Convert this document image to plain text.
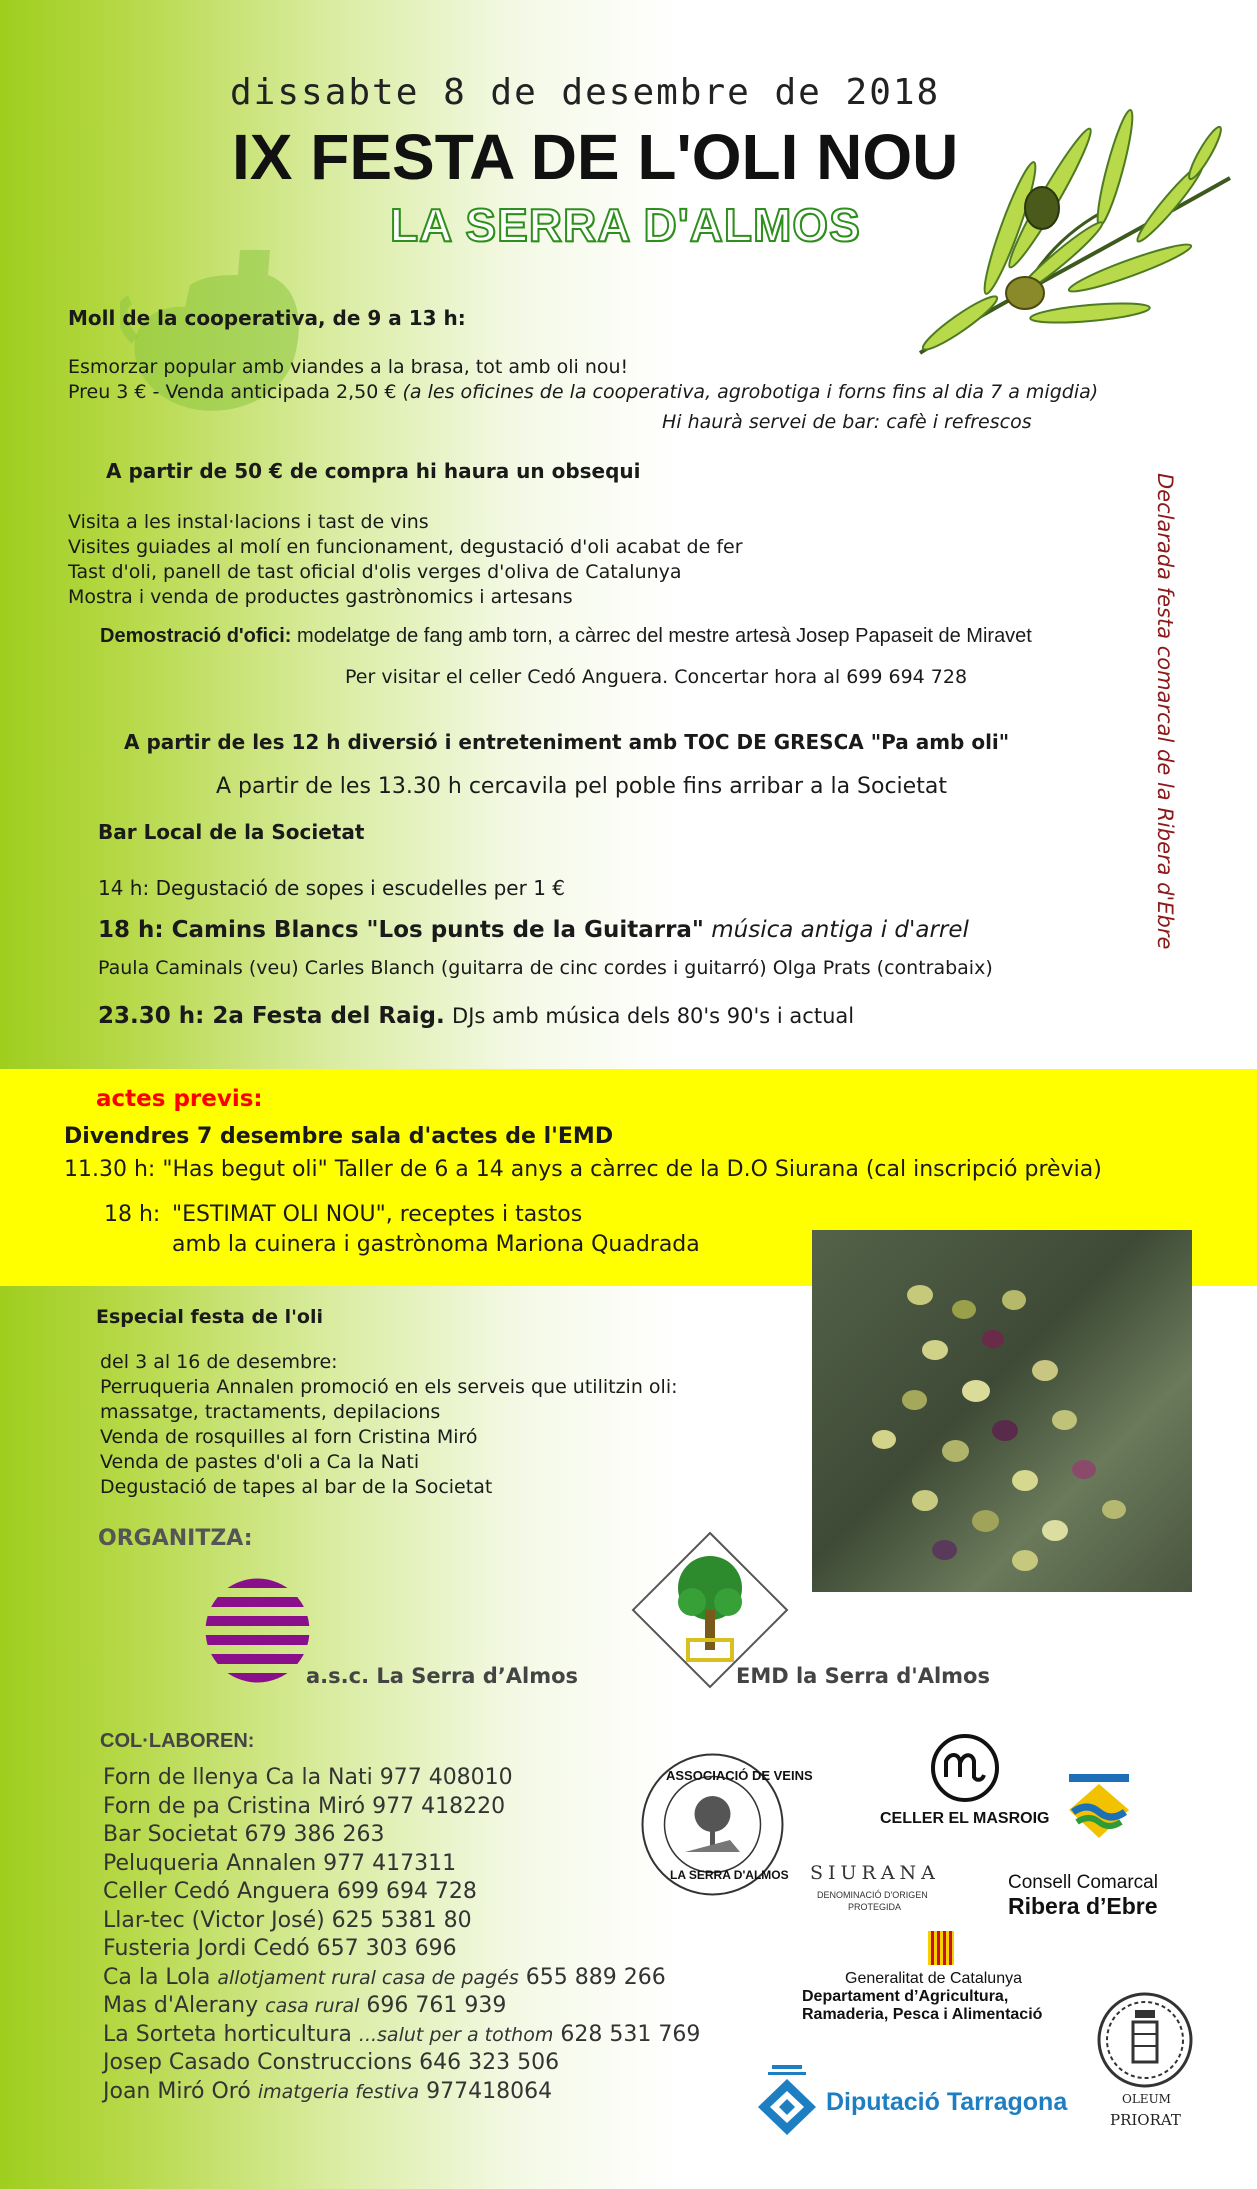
dissabte 8 de desembre de 2018
IX FESTA DE L'OLI NOU
LA SERRA D'ALMOS
Moll de la cooperativa, de 9 a 13 h:
Esmorzar popular amb viandes a la brasa, tot amb oli nou!
Preu 3 € - Venda anticipada 2,50 € (a les oficines de la cooperativa, agrobotiga i forns fins al dia 7 a migdia)
Hi haurà servei de bar: cafè i refrescos
A partir de 50 € de compra hi haura un obsequi
Visita a les instal·lacions i tast de vins
Visites guiades al molí en funcionament, degustació d'oli acabat de fer
Tast d'oli, panell de tast oficial d'olis verges d'oliva de Catalunya
Mostra i venda de productes gastrònomics i artesans
Demostració d'ofici: modelatge de fang amb torn, a càrrec del mestre artesà Josep Papaseit de Miravet
Per visitar el celler Cedó Anguera. Concertar hora al 699 694 728
A partir de les 12 h diversió i entreteniment amb TOC DE GRESCA "Pa amb oli"
A partir de les 13.30 h cercavila pel poble fins arribar a la Societat
Bar Local de la Societat
14 h: Degustació de sopes i escudelles per 1 €
18 h: Camins Blancs "Los punts de la Guitarra" música antiga i d'arrel
Paula Caminals (veu) Carles Blanch (guitarra de cinc cordes i guitarró) Olga Prats (contrabaix)
23.30 h: 2a Festa del Raig. DJs amb música dels 80's 90's i actual
Declarada festa comarcal de la Ribera d'Ebre
actes previs:
Divendres 7 desembre sala d'actes de l'EMD
11.30 h: "Has begut oli" Taller de 6 a 14 anys a càrrec de la D.O Siurana (cal inscripció prèvia)
18 h: "ESTIMAT OLI NOU", receptes i tastos
amb la cuinera i gastrònoma Mariona Quadrada
Especial festa de l'oli
del 3 al 16 de desembre:
Perruqueria Annalen promoció en els serveis que utilitzin oli:
massatge, tractaments, depilacions
Venda de rosquilles al forn Cristina Miró
Venda de pastes d'oli a Ca la Nati
Degustació de tapes al bar de la Societat
ORGANITZA:
a.s.c. La Serra d’Almos	EMD la Serra d'Almos
COL·LABOREN:
Forn de llenya Ca la Nati 977 408010
Forn de pa Cristina Miró 977 418220
Bar Societat 679 386 263
Peluqueria Annalen 977 417311
Celler Cedó Anguera 699 694 728
Llar-tec (Victor José) 625 5381 80
Fusteria Jordi Cedó 657 303 696
Ca la Lola allotjament rural casa de pagés 655 889 266
Mas d'Alerany casa rural 696 761 939
La Sorteta horticultura ...salut per a tothom 628 531 769
Josep Casado Construccions 646 323 506
Joan Miró Oró imatgeria festiva 977418064
ASSOCIACIÓ DE VEINS
LA SERRA D'ALMOS
CELLER EL MASROIG
Consell Comarcal
Ribera d’Ebre
SIURANA
DENOMINACIÓ D'ORIGEN
PROTEGIDA
Generalitat de Catalunya
Departament d’Agricultura,
Ramaderia, Pesca i Alimentació
Diputació Tarragona	OLEUM
PRIORAT
